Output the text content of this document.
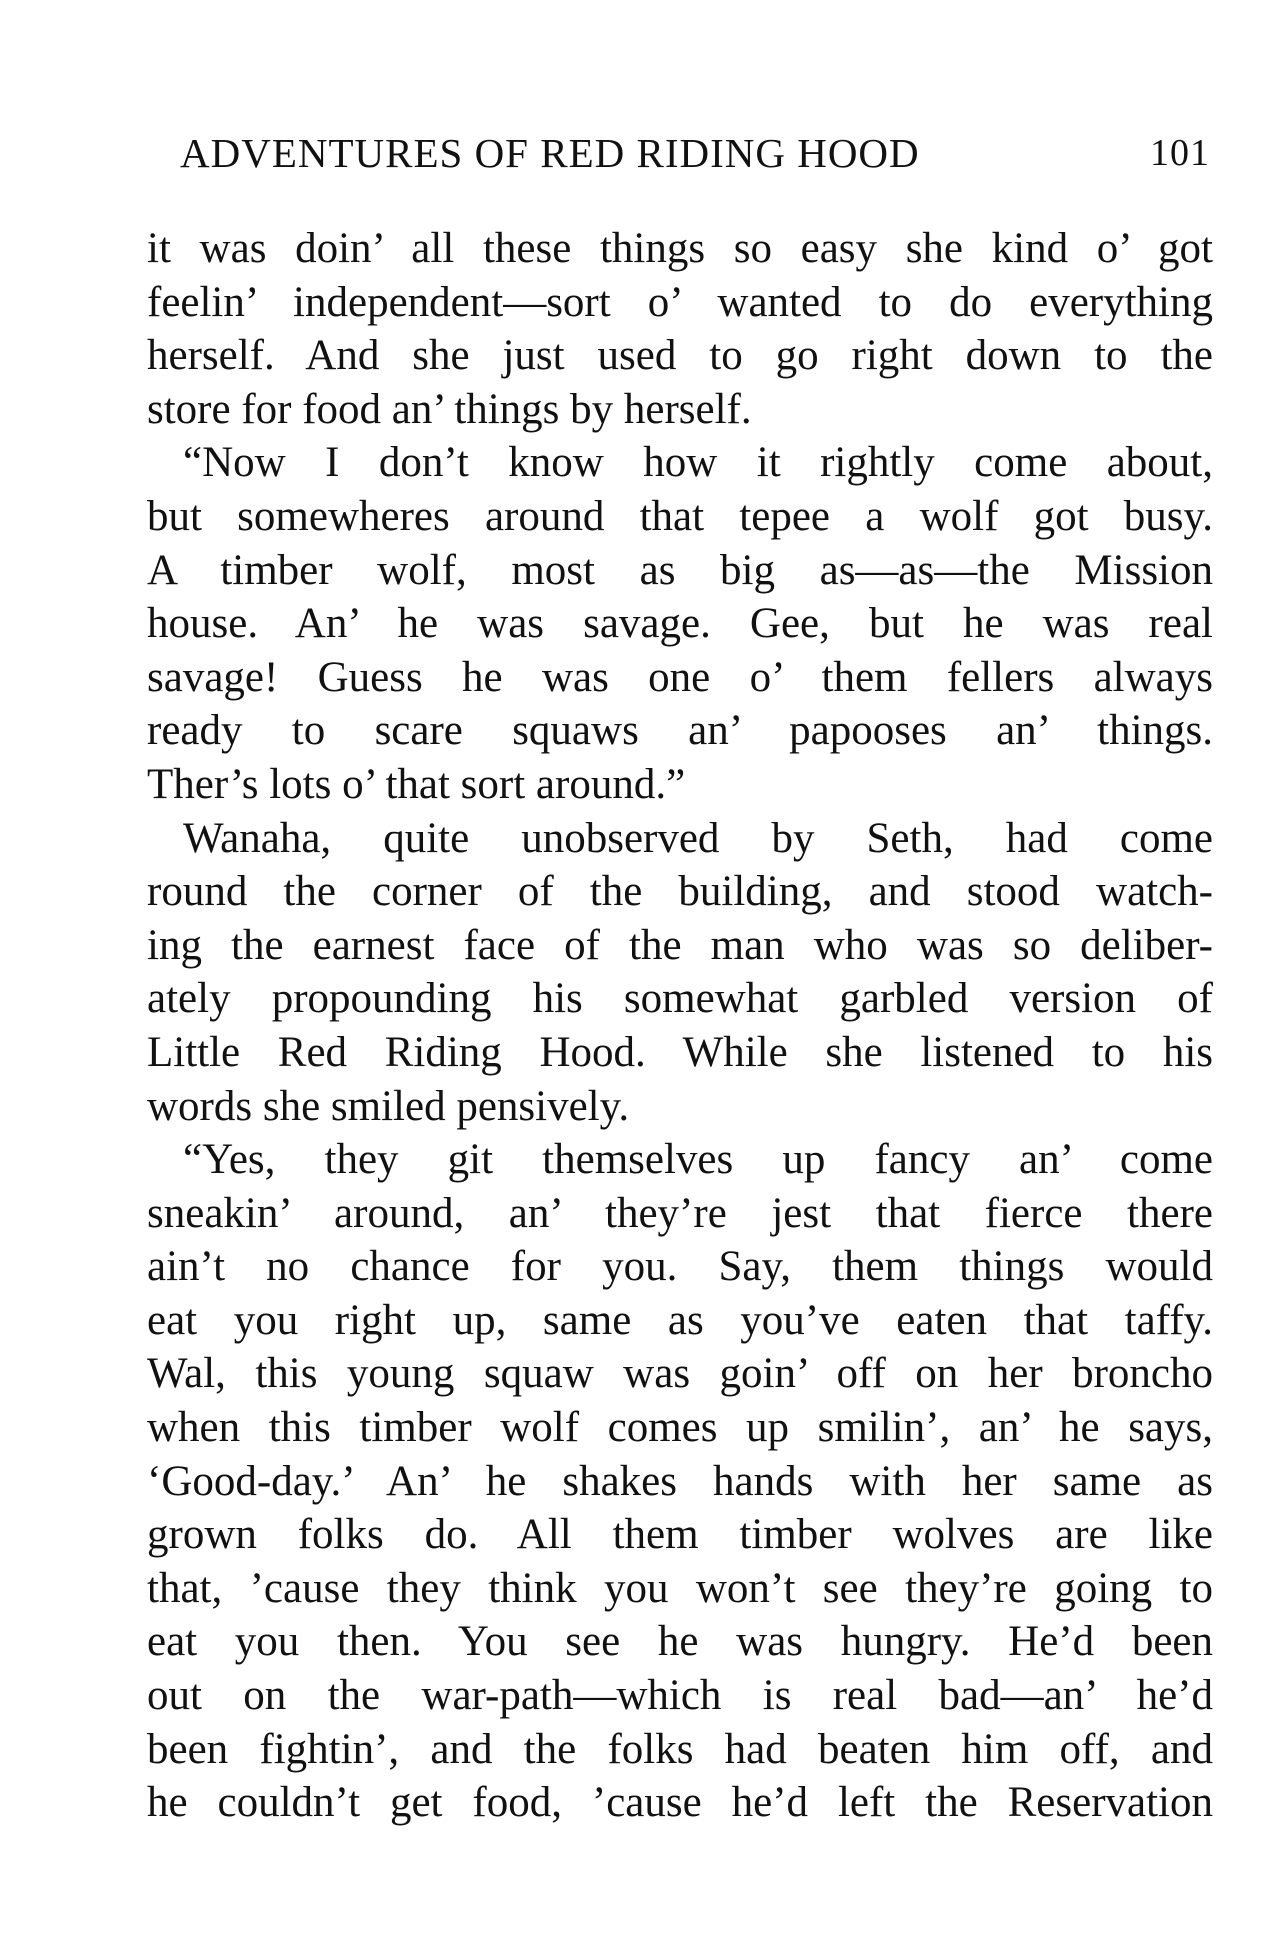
ADVENTURES OF RED RIDING HOOD	101

it was doin’ all these things so easy she kind o’ got
feelin’ independent—sort o’ wanted to do everything
herself. And she just used to go right down to the
store for food an’ things by herself.

“Now I don’t know how it rightly come about,
but somewheres around that tepee a wolf got busy.
A timber wolf, most as big as—as—the Mission
house. An’ he was savage. Gee, but he was real
savage! Guess he was one o’ them fellers always
ready to scare squaws an’ papooses an’ things.
Ther’s lots o’ that sort around.”

Wanaha, quite unobserved by Seth, had come
round the corner of the building, and stood watch-
ing the earnest face of the man who was so deliber-
ately propounding his somewhat garbled version of
Little Red Riding Hood. While she listened to his
words she smiled pensively.

“Yes, they git themselves up fancy an’ come
sneakin’ around, an’ they’re jest that fierce there
ain’t no chance for you. Say, them things would
eat you right up, same as you’ve eaten that taffy.
Wal, this young squaw was goin’ off on her broncho
when this timber wolf comes up smilin’, an’ he says,
‘Good-day.’ An’ he shakes hands with her same as
grown folks do. All them timber wolves are like
that, ’cause they think you won’t see they’re going to
eat you then. You see he was hungry. He’d been
out on the war-path—which is real bad—an’ he’d
been fightin’, and the folks had beaten him off, and
he couldn’t get food, ’cause he’d left the Reservation
